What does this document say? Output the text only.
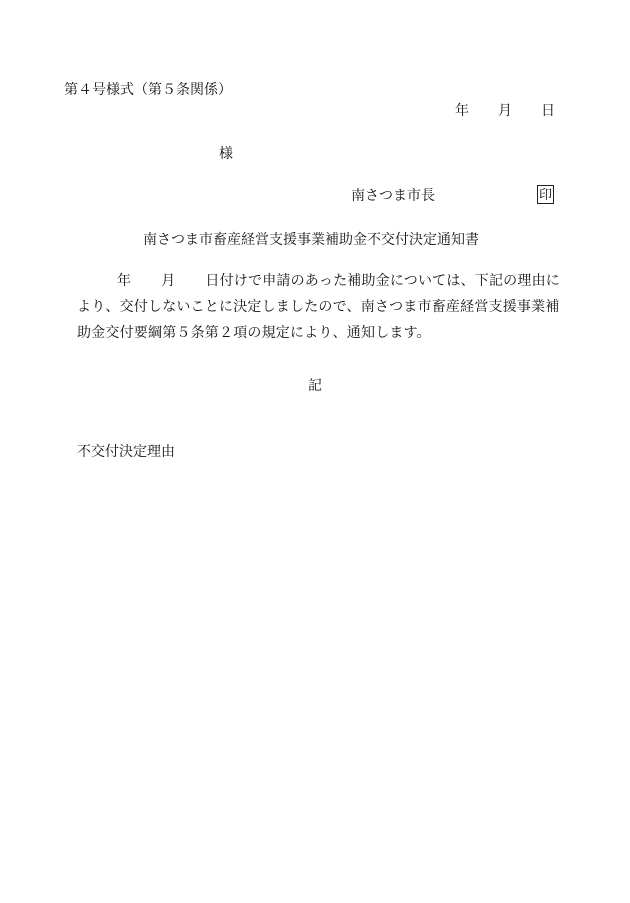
第４号様式（第５条関係）
年 月 日
様
南さつま市長	印
南さつま市畜産経営支援事業補助金不交付決定通知書
年 月 日付けで申請のあった補助金については、下記の理由に
より、交付しないことに決定しましたので、南さつま市畜産経営支援事業補
助金交付要綱第５条第２項の規定により、通知します。
記
不交付決定理由
